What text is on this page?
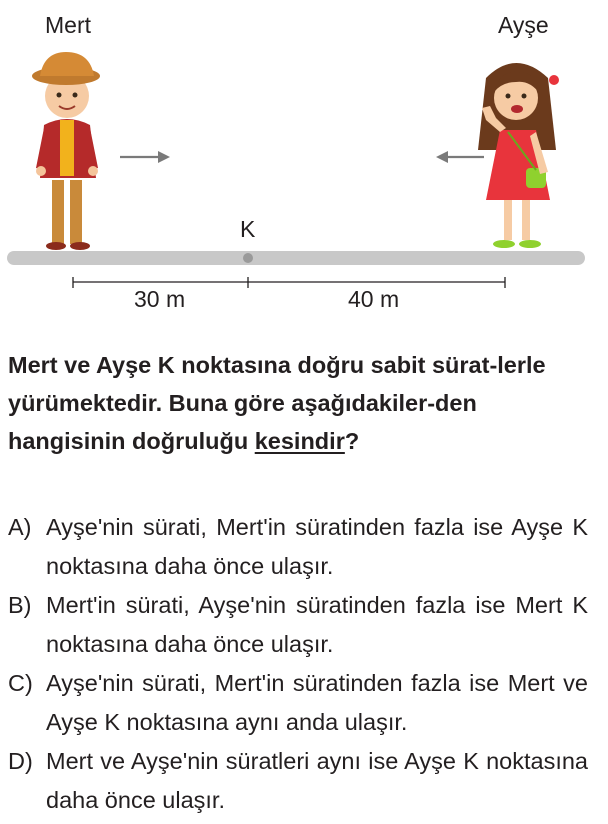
Mert	Ayşe
K
30 m	40 m
Mert ve Ayşe K noktasına doğru sabit sürat-lerle yürümektedir. Buna göre aşağıdakiler-den hangisinin doğruluğu kesindir?
A) Ayşe'nin sürati, Mert'in süratinden fazla ise Ayşe K noktasına daha önce ulaşır.
B) Mert'in sürati, Ayşe'nin süratinden fazla ise Mert K noktasına daha önce ulaşır.
C) Ayşe'nin sürati, Mert'in süratinden fazla ise Mert ve Ayşe K noktasına aynı anda ulaşır.
D) Mert ve Ayşe'nin süratleri aynı ise Ayşe K noktasına daha önce ulaşır.
